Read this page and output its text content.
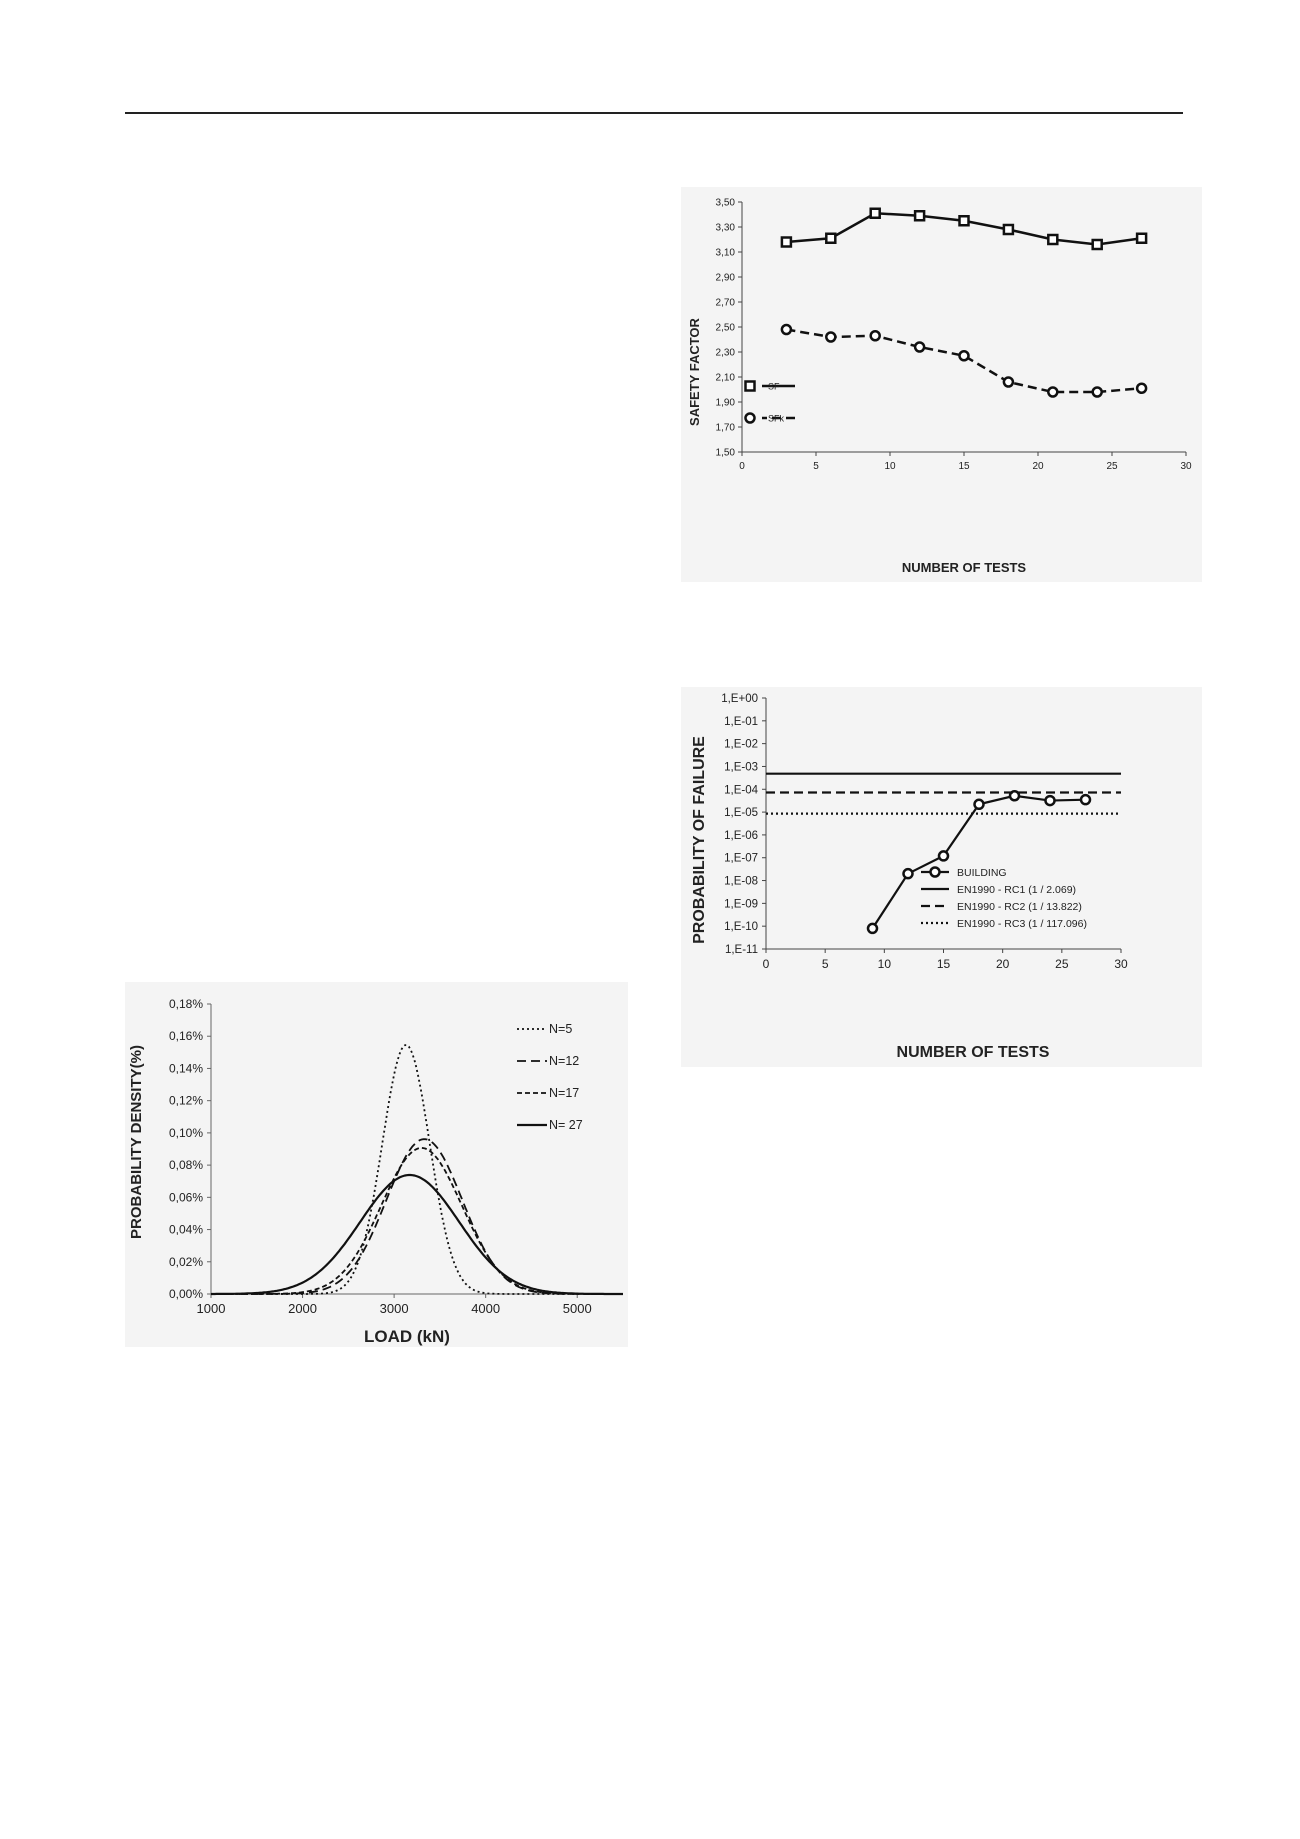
1,50
1,70
1,90
2,10
2,30
2,50
2,70
2,90
3,10
3,30
3,50
0	5	10	15	20	25	30
SAFETY FACTOR
NUMBER OF TESTS
SF
SFk
1,E-11
1,E-10
1,E-09
1,E-08
1,E-07
1,E-06
1,E-05
1,E-04
1,E-03
1,E-02
1,E-01
1,E+00
0	5	10	15	20	25	30
PROBABILITY OF FAILURE
NUMBER OF TESTS
BUILDING
EN1990 - RC1 (1 / 2.069)
EN1990 - RC2 (1 / 13.822)
EN1990 - RC3 (1 / 117.096)
0,00%
0,02%
0,04%
0,06%
0,08%
0,10%
0,12%
0,14%
0,16%
0,18%
1000	2000	3000	4000	5000
PROBABILITY DENSITY(%)
LOAD (kN)
N=5
N=12
N=17
N= 27
